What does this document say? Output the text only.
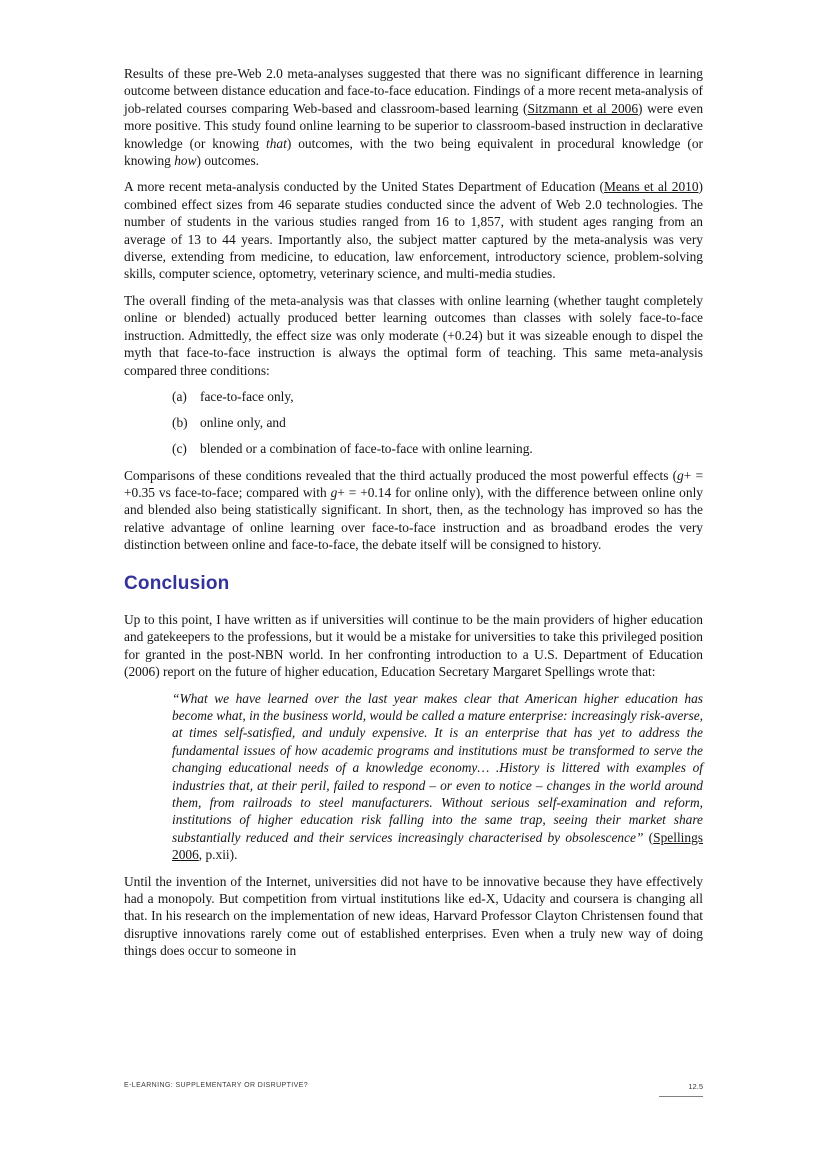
Results of these pre-Web 2.0 meta-analyses suggested that there was no significant difference in learning outcome between distance education and face-to-face education. Findings of a more recent meta-analysis of job-related courses comparing Web-based and classroom-based learning (Sitzmann et al 2006) were even more positive. This study found online learning to be superior to classroom-based instruction in declarative knowledge (or knowing that) outcomes, with the two being equivalent in procedural knowledge (or knowing how) outcomes.

A more recent meta-analysis conducted by the United States Department of Education (Means et al 2010) combined effect sizes from 46 separate studies conducted since the advent of Web 2.0 technologies. The number of students in the various studies ranged from 16 to 1,857, with student ages ranging from an average of 13 to 44 years. Importantly also, the subject matter captured by the meta-analysis was very diverse, extending from medicine, to education, law enforcement, introductory science, problem-solving skills, computer science, optometry, veterinary science, and multi-media studies.

The overall finding of the meta-analysis was that classes with online learning (whether taught completely online or blended) actually produced better learning outcomes than classes with solely face-to-face instruction. Admittedly, the effect size was only moderate (+0.24) but it was sizeable enough to dispel the myth that face-to-face instruction is always the optimal form of teaching. This same meta-analysis compared three conditions:

(a) face-to-face only,
(b) online only, and
(c) blended or a combination of face-to-face with online learning.

Comparisons of these conditions revealed that the third actually produced the most powerful effects (g+ = +0.35 vs face-to-face; compared with g+ = +0.14 for online only), with the difference between online only and blended also being statistically significant. In short, then, as the technology has improved so has the relative advantage of online learning over face-to-face instruction and as broadband erodes the very distinction between online and face-to-face, the debate itself will be consigned to history.

Conclusion

Up to this point, I have written as if universities will continue to be the main providers of higher education and gatekeepers to the professions, but it would be a mistake for universities to take this privileged position for granted in the post-NBN world. In her confronting introduction to a U.S. Department of Education (2006) report on the future of higher education, Education Secretary Margaret Spellings wrote that:

“What we have learned over the last year makes clear that American higher education has become what, in the business world, would be called a mature enterprise: increasingly risk-averse, at times self-satisfied, and unduly expensive. It is an enterprise that has yet to address the fundamental issues of how academic programs and institutions must be transformed to serve the changing educational needs of a knowledge economy… .History is littered with examples of industries that, at their peril, failed to respond – or even to notice – changes in the world around them, from railroads to steel manufacturers. Without serious self-examination and reform, institutions of higher education risk falling into the same trap, seeing their market share substantially reduced and their services increasingly characterised by obsolescence” (Spellings 2006, p.xii).

Until the invention of the Internet, universities did not have to be innovative because they have effectively had a monopoly. But competition from virtual institutions like ed-X, Udacity and coursera is changing all that. In his research on the implementation of new ideas, Harvard Professor Clayton Christensen found that disruptive innovations rarely come out of established enterprises. Even when a truly new way of doing things does occur to someone in

E-LEARNING: SUPPLEMENTARY OR DISRUPTIVE?	12.5
